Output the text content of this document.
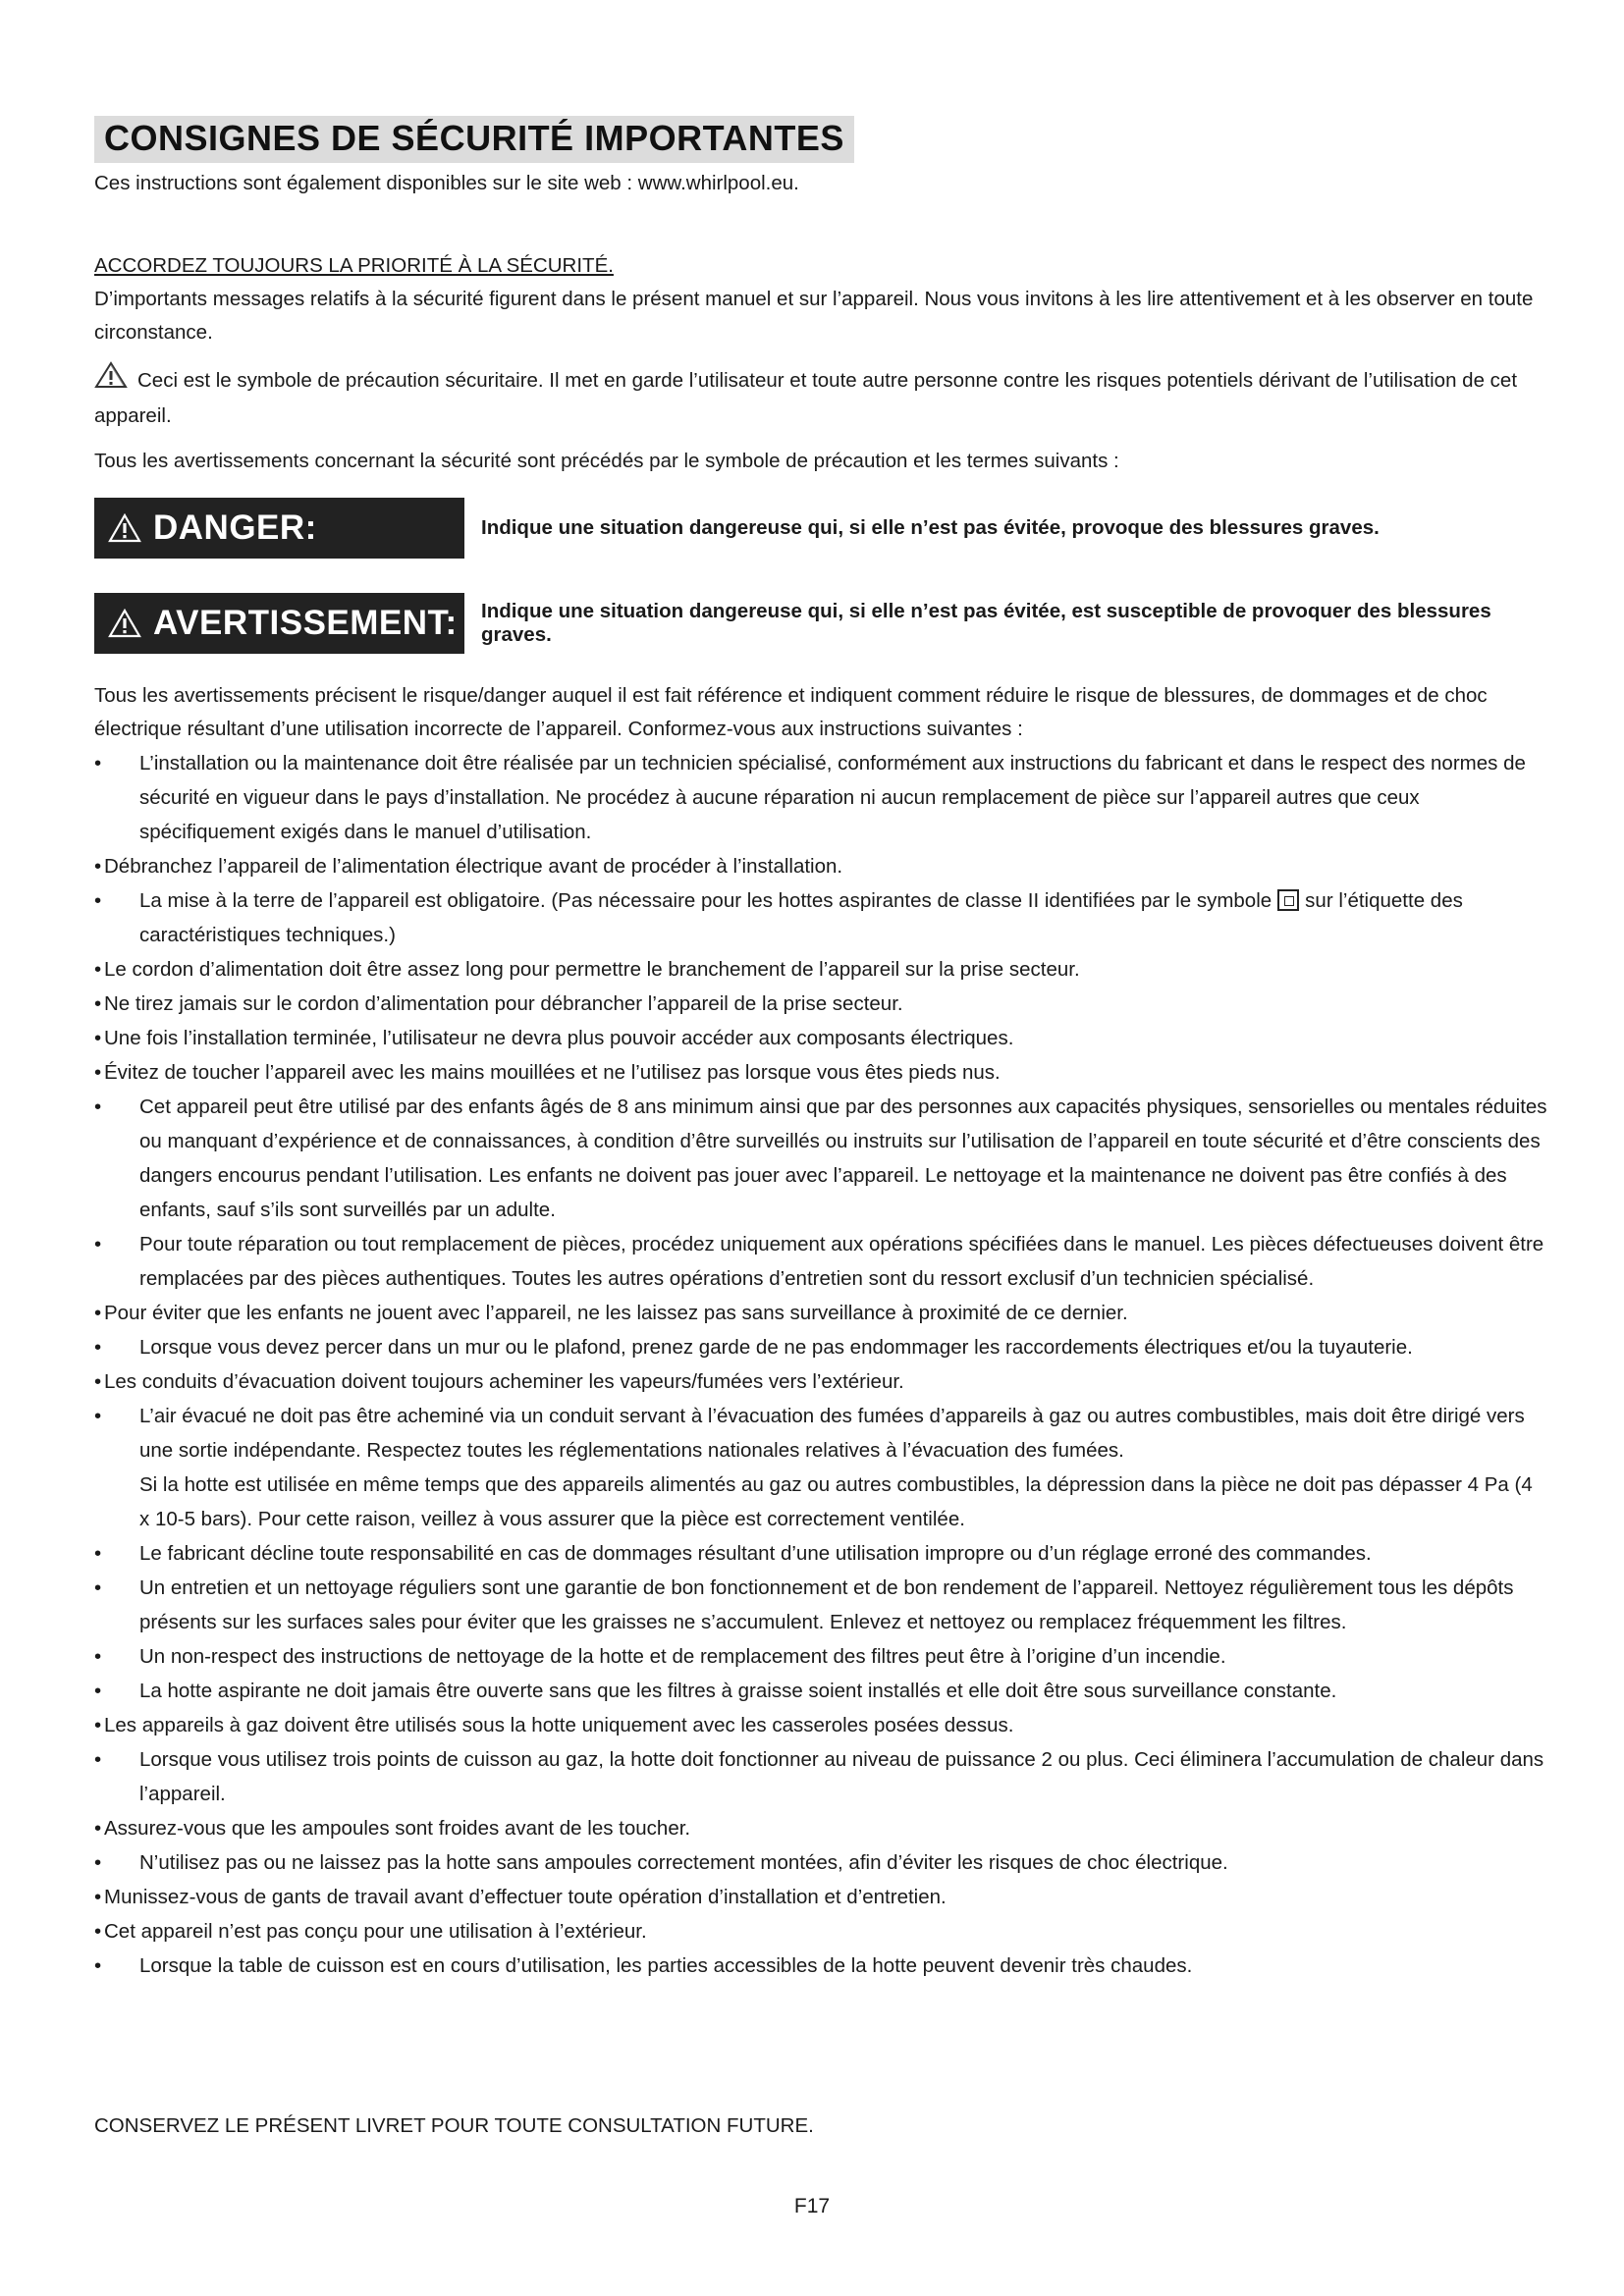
CONSIGNES DE SÉCURITÉ IMPORTANTES

Ces instructions sont également disponibles sur le site web : www.whirlpool.eu.

ACCORDEZ TOUJOURS LA PRIORITÉ À LA SÉCURITÉ.

D’importants messages relatifs à la sécurité figurent dans le présent manuel et sur l’appareil. Nous vous invitons à les lire attentivement et à les observer en toute circonstance.

Ceci est le symbole de précaution sécuritaire. Il met en garde l’utilisateur et toute autre personne contre les risques potentiels dérivant de l’utilisation de cet appareil.

Tous les avertissements concernant la sécurité sont précédés par le symbole de précaution et les termes suivants :

DANGER:	Indique une situation dangereuse qui, si elle n’est pas évitée, provoque des blessures graves.
AVERTISSEMENT: Indique une situation dangereuse qui, si elle n’est pas évitée, est susceptible de provoquer des blessures graves.

Tous les avertissements précisent le risque/danger auquel il est fait référence et indiquent comment réduire le risque de blessures, de dommages et de choc électrique résultant d’une utilisation incorrecte de l’appareil. Conformez-vous aux instructions suivantes :

• L’installation ou la maintenance doit être réalisée par un technicien spécialisé, conformément aux instructions du fabricant et dans le respect des normes de sécurité en vigueur dans le pays d’installation. Ne procédez à aucune réparation ni aucun remplacement de pièce sur l’appareil autres que ceux spécifiquement exigés dans le manuel d’utilisation.
• Débranchez l’appareil de l’alimentation électrique avant de procéder à l’installation.
• La mise à la terre de l’appareil est obligatoire. (Pas nécessaire pour les hottes aspirantes de classe II identifiées par le symbole sur l’étiquette des caractéristiques techniques.)
• Le cordon d’alimentation doit être assez long pour permettre le branchement de l’appareil sur la prise secteur.
• Ne tirez jamais sur le cordon d’alimentation pour débrancher l’appareil de la prise secteur.
• Une fois l’installation terminée, l’utilisateur ne devra plus pouvoir accéder aux composants électriques.
• Évitez de toucher l’appareil avec les mains mouillées et ne l’utilisez pas lorsque vous êtes pieds nus.
• Cet appareil peut être utilisé par des enfants âgés de 8 ans minimum ainsi que par des personnes aux capacités physiques, sensorielles ou mentales réduites ou manquant d’expérience et de connaissances, à condition d’être surveillés ou instruits sur l’utilisation de l’appareil en toute sécurité et d’être conscients des dangers encourus pendant l’utilisation. Les enfants ne doivent pas jouer avec l’appareil. Le nettoyage et la maintenance ne doivent pas être confiés à des enfants, sauf s’ils sont surveillés par un adulte.
• Pour toute réparation ou tout remplacement de pièces, procédez uniquement aux opérations spécifiées dans le manuel. Les pièces défectueuses doivent être remplacées par des pièces authentiques. Toutes les autres opérations d’entretien sont du ressort exclusif d’un technicien spécialisé.
• Pour éviter que les enfants ne jouent avec l’appareil, ne les laissez pas sans surveillance à proximité de ce dernier.
• Lorsque vous devez percer dans un mur ou le plafond, prenez garde de ne pas endommager les raccordements électriques et/ou la tuyauterie.
• Les conduits d’évacuation doivent toujours acheminer les vapeurs/fumées vers l’extérieur.
• L’air évacué ne doit pas être acheminé via un conduit servant à l’évacuation des fumées d’appareils à gaz ou autres combustibles, mais doit être dirigé vers une sortie indépendante. Respectez toutes les réglementations nationales relatives à l’évacuation des fumées.
Si la hotte est utilisée en même temps que des appareils alimentés au gaz ou autres combustibles, la dépression dans la pièce ne doit pas dépasser 4 Pa (4 x 10-5 bars). Pour cette raison, veillez à vous assurer que la pièce est correctement ventilée.
• Le fabricant décline toute responsabilité en cas de dommages résultant d’une utilisation impropre ou d’un réglage erroné des commandes.
• Un entretien et un nettoyage réguliers sont une garantie de bon fonctionnement et de bon rendement de l’appareil. Nettoyez régulièrement tous les dépôts présents sur les surfaces sales pour éviter que les graisses ne s’accumulent. Enlevez et nettoyez ou remplacez fréquemment les filtres.
• Un non-respect des instructions de nettoyage de la hotte et de remplacement des filtres peut être à l’origine d’un incendie.
• La hotte aspirante ne doit jamais être ouverte sans que les filtres à graisse soient installés et elle doit être sous surveillance constante.
• Les appareils à gaz doivent être utilisés sous la hotte uniquement avec les casseroles posées dessus.
• Lorsque vous utilisez trois points de cuisson au gaz, la hotte doit fonctionner au niveau de puissance 2 ou plus. Ceci éliminera l’accumulation de chaleur dans l’appareil.
• Assurez-vous que les ampoules sont froides avant de les toucher.
• N’utilisez pas ou ne laissez pas la hotte sans ampoules correctement montées, afin d’éviter les risques de choc électrique.
• Munissez-vous de gants de travail avant d’effectuer toute opération d’installation et d’entretien.
• Cet appareil n’est pas conçu pour une utilisation à l’extérieur.
• Lorsque la table de cuisson est en cours d’utilisation, les parties accessibles de la hotte peuvent devenir très chaudes.
CONSERVEZ LE PRÉSENT LIVRET POUR TOUTE CONSULTATION FUTURE.
F17
